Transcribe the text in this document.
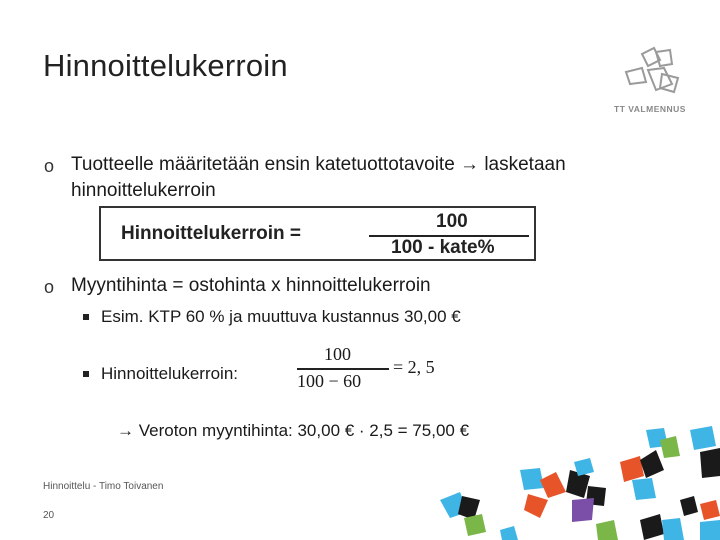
Hinnoittelukerroin
TT VALMENNUS
o Tuotteelle määritetään ensin katetuottotavoite → lasketaan
hinnoittelukerroin
Hinnoittelukerroin =
100
100 - kate%
o Myyntihinta = ostohinta x hinnoittelukerroin
Esim. KTP 60 % ja muuttuva kustannus 30,00 €
Hinnoittelukerroin:
100
100 − 60
= 2, 5
→ Veroton myyntihinta: 30,00 € · 2,5 = 75,00 €
Hinnoittelu - Timo Toivanen
20
